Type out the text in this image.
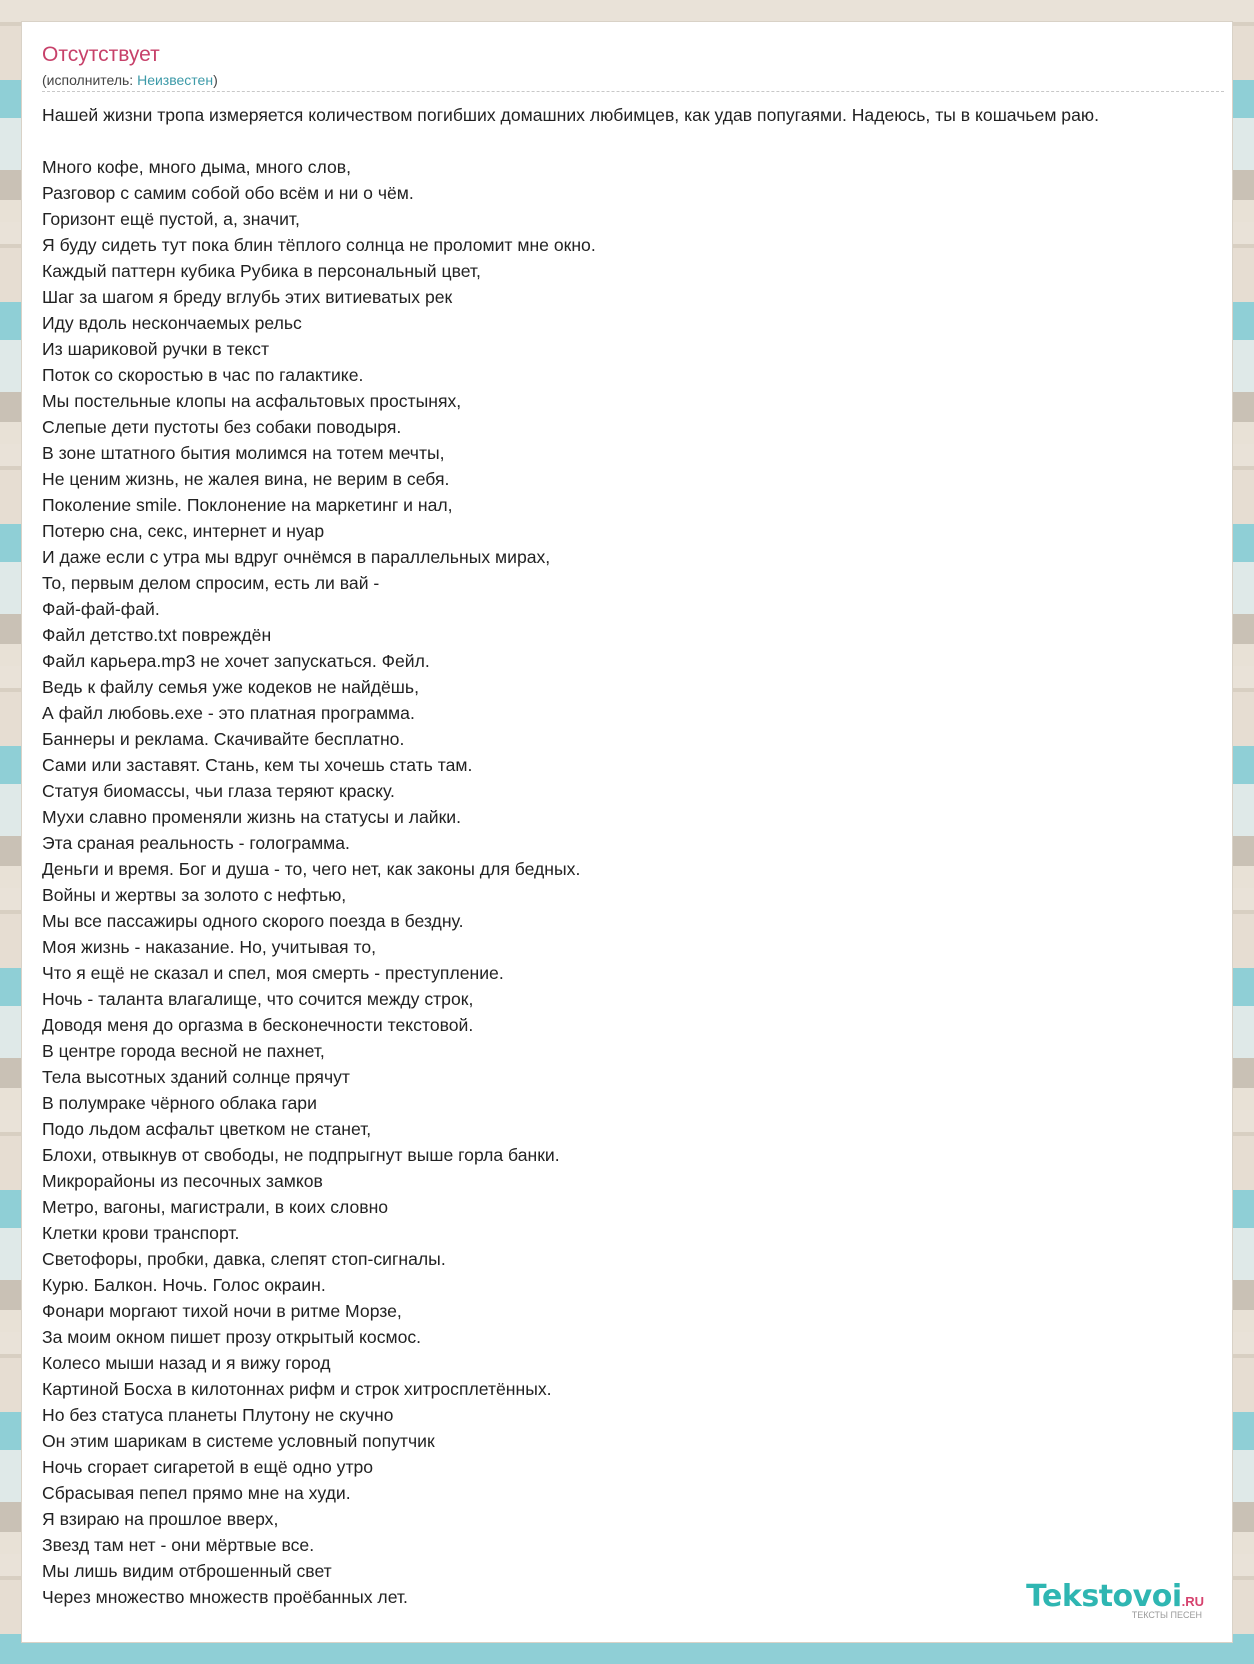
Отсутствует
(исполнитель: Неизвестен)
Нашей жизни тропа измеряется количеством погибших домашних любимцев, как удав попугаями. Надеюсь, ты в кошачьем раю.
Много кофе, много дыма, много слов,
Разговор с самим собой обо всём и ни о чём.
Горизонт ещё пустой, а, значит,
Я буду сидеть тут пока блин тёплого солнца не проломит мне окно.
Каждый паттерн кубика Рубика в персональный цвет,
Шаг за шагом я бреду вглубь этих витиеватых рек
Иду вдоль нескончаемых рельс
Из шариковой ручки в текст
Поток со скоростью в час по галактике.
Мы постельные клопы на асфальтовых простынях,
Слепые дети пустоты без собаки поводыря.
В зоне штатного бытия молимся на тотем мечты,
Не ценим жизнь, не жалея вина, не верим в себя.
Поколение smile. Поклонение на маркетинг и нал,
Потерю сна, секс, интернет и нуар
И даже если с утра мы вдруг очнёмся в параллельных мирах,
То, первым делом спросим, есть ли вай -
Фай-фай-фай.
Файл детство.txt повреждён
Файл карьера.mp3 не хочет запускаться. Фейл.
Ведь к файлу семья уже кодеков не найдёшь,
А файл любовь.exe - это платная программа.
Баннеры и реклама. Скачивайте бесплатно.
Сами или заставят. Стань, кем ты хочешь стать там.
Статуя биомассы, чьи глаза теряют краску.
Мухи славно променяли жизнь на статусы и лайки.
Эта сраная реальность - голограмма.
Деньги и время. Бог и душа - то, чего нет, как законы для бедных.
Войны и жертвы за золото с нефтью,
Мы все пассажиры одного скорого поезда в бездну.
Моя жизнь - наказание. Но, учитывая то,
Что я ещё не сказал и спел, моя смерть - преступление.
Ночь - таланта влагалище, что сочится между строк,
Доводя меня до оргазма в бесконечности текстовой.
В центре города весной не пахнет,
Тела высотных зданий солнце прячут
В полумраке чёрного облака гари
Подо льдом асфальт цветком не станет,
Блохи, отвыкнув от свободы, не подпрыгнут выше горла банки.
Микрорайоны из песочных замков
Метро, вагоны, магистрали, в коих словно
Клетки крови транспорт.
Светофоры, пробки, давка, слепят стоп-сигналы.
Курю. Балкон. Ночь. Голос окраин.
Фонари моргают тихой ночи в ритме Морзе,
За моим окном пишет прозу открытый космос.
Колесо мыши назад и я вижу город
Картиной Босха в килотоннах рифм и строк хитросплетённых.
Но без статуса планеты Плутону не скучно
Он этим шарикам в системе условный попутчик
Ночь сгорает сигаретой в ещё одно утро
Сбрасывая пепел прямо мне на худи.
Я взираю на прошлое вверх,
Звезд там нет - они мёртвые все.
Мы лишь видим отброшенный свет
Через множество множеств проёбанных лет.	Tekstovoi.RU
ТЕКСТЫ ПЕСЕН
